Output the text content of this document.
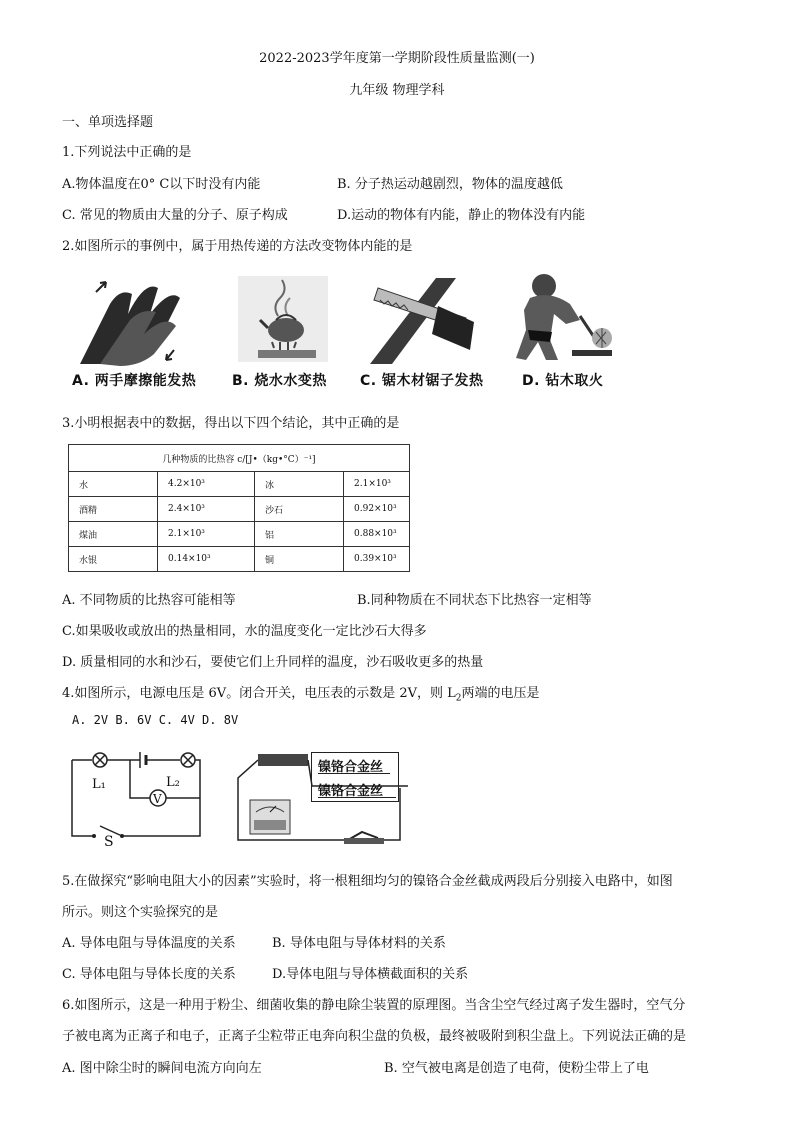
2022-2023学年度第一学期阶段性质量监测(一)
九年级 物理学科
一、单项选择题
1.下列说法中正确的是
A.物体温度在0° C以下时没有内能	B. 分子热运动越剧烈，物体的温度越低
C. 常见的物质由大量的分子、原子构成	D.运动的物体有内能，静止的物体没有内能
2.如图所示的事例中，属于用热传递的方法改变物体内能的是
A. 两手摩擦能发热	B. 烧水水变热 C. 锯木材锯子发热	D. 钻木取火
3.小明根据表中的数据，得出以下四个结论，其中正确的是
几种物质的比热容 c/[J•（kg•°C）⁻¹]			
水	4.2×10³	冰	2.1×10³
酒精	2.4×10³	沙石	0.92×10³
煤油	2.1×10³	铝	0.88×10³
水银	0.14×10³	铜	0.39×10³
A. 不同物质的比热容可能相等	B.同种物质在不同状态下比热容一定相等
C.如果吸收或放出的热量相同，水的温度变化一定比沙石大得多
D. 质量相同的水和沙石，要使它们上升同样的温度，沙石吸收更多的热量
4.如图所示，电源电压是 6V。闭合开关，电压表的示数是 2V，则 $L_2$两端的电压是
A. 2V B. 6V C. 4V D. 8V
L₁	L₂
V
S
镍铬合金丝
镍铬合金丝
5.在做探究“影响电阻大小的因素”实验时，将一根粗细均匀的镍铬合金丝截成两段后分别接入电路中，如图
所示。则这个实验探究的是
A. 导体电阻与导体温度的关系	B. 导体电阻与导体材料的关系
C. 导体电阻与导体长度的关系	D.导体电阻与导体横截面积的关系
6.如图所示，这是一种用于粉尘、细菌收集的静电除尘装置的原理图。当含尘空气经过离子发生器时，空气分
子被电离为正离子和电子，正离子尘粒带正电奔向积尘盘的负极，最终被吸附到积尘盘上。下列说法正确的是
A. 图中除尘时的瞬间电流方向向左	B. 空气被电离是创造了电荷，使粉尘带上了电
